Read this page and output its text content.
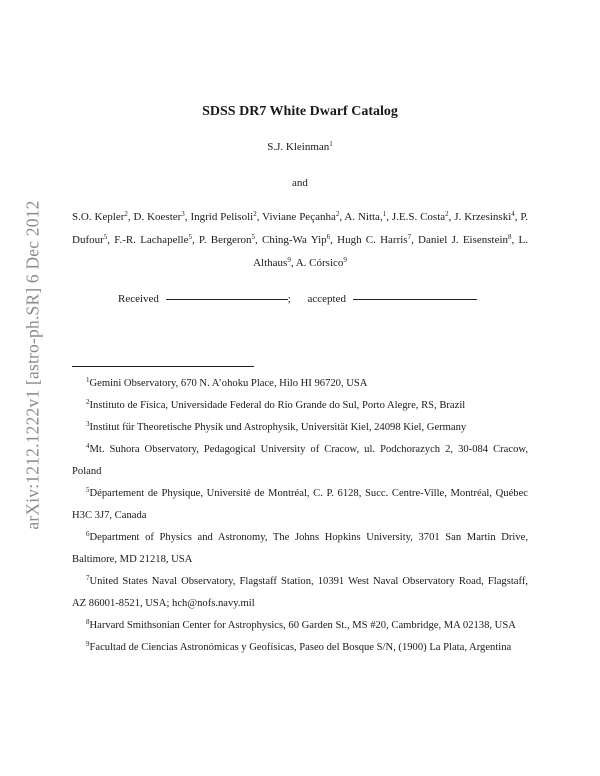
arXiv:1212.1222v1 [astro-ph.SR] 6 Dec 2012
SDSS DR7 White Dwarf Catalog
S.J. Kleinman$^1$
and
S.O. Kepler$^2$, D. Koester$^3$, Ingrid Pelisoli$^2$, Viviane Peçanha$^2$, A. Nitta,$^1$, J.E.S. Costa$^2$, J. Krzesinski$^4$, P. Dufour$^5$, F.-R. Lachapelle$^5$, P. Bergeron$^5$, Ching-Wa Yip$^6$, Hugh C. Harris$^7$, Daniel J. Eisenstein$^8$, L. Althaus$^9$, A. Córsico$^9$
Received	; accepted

$^1$Gemini Observatory, 670 N. A’ohoku Place, Hilo HI 96720, USA

$^2$Instituto de Física, Universidade Federal do Rio Grande do Sul, Porto Alegre, RS, Brazil

$^3$Institut für Theoretische Physik und Astrophysik, Universität Kiel, 24098 Kiel, Germany

$^4$Mt. Suhora Observatory, Pedagogical University of Cracow, ul. Podchorazych 2, 30-084 Cracow, Poland

$^5$Département de Physique, Université de Montréal, C. P. 6128, Succ. Centre-Ville, Montréal, Québec H3C 3J7, Canada

$^6$Department of Physics and Astronomy, The Johns Hopkins University, 3701 San Martin Drive, Baltimore, MD 21218, USA

$^7$United States Naval Observatory, Flagstaff Station, 10391 West Naval Observatory Road, Flagstaff, AZ 86001-8521, USA; hch@nofs.navy.mil

$^8$Harvard Smithsonian Center for Astrophysics, 60 Garden St., MS #20, Cambridge, MA 02138, USA

$^9$Facultad de Ciencias Astronómicas y Geofísicas, Paseo del Bosque S/N, (1900) La Plata, Argentina
